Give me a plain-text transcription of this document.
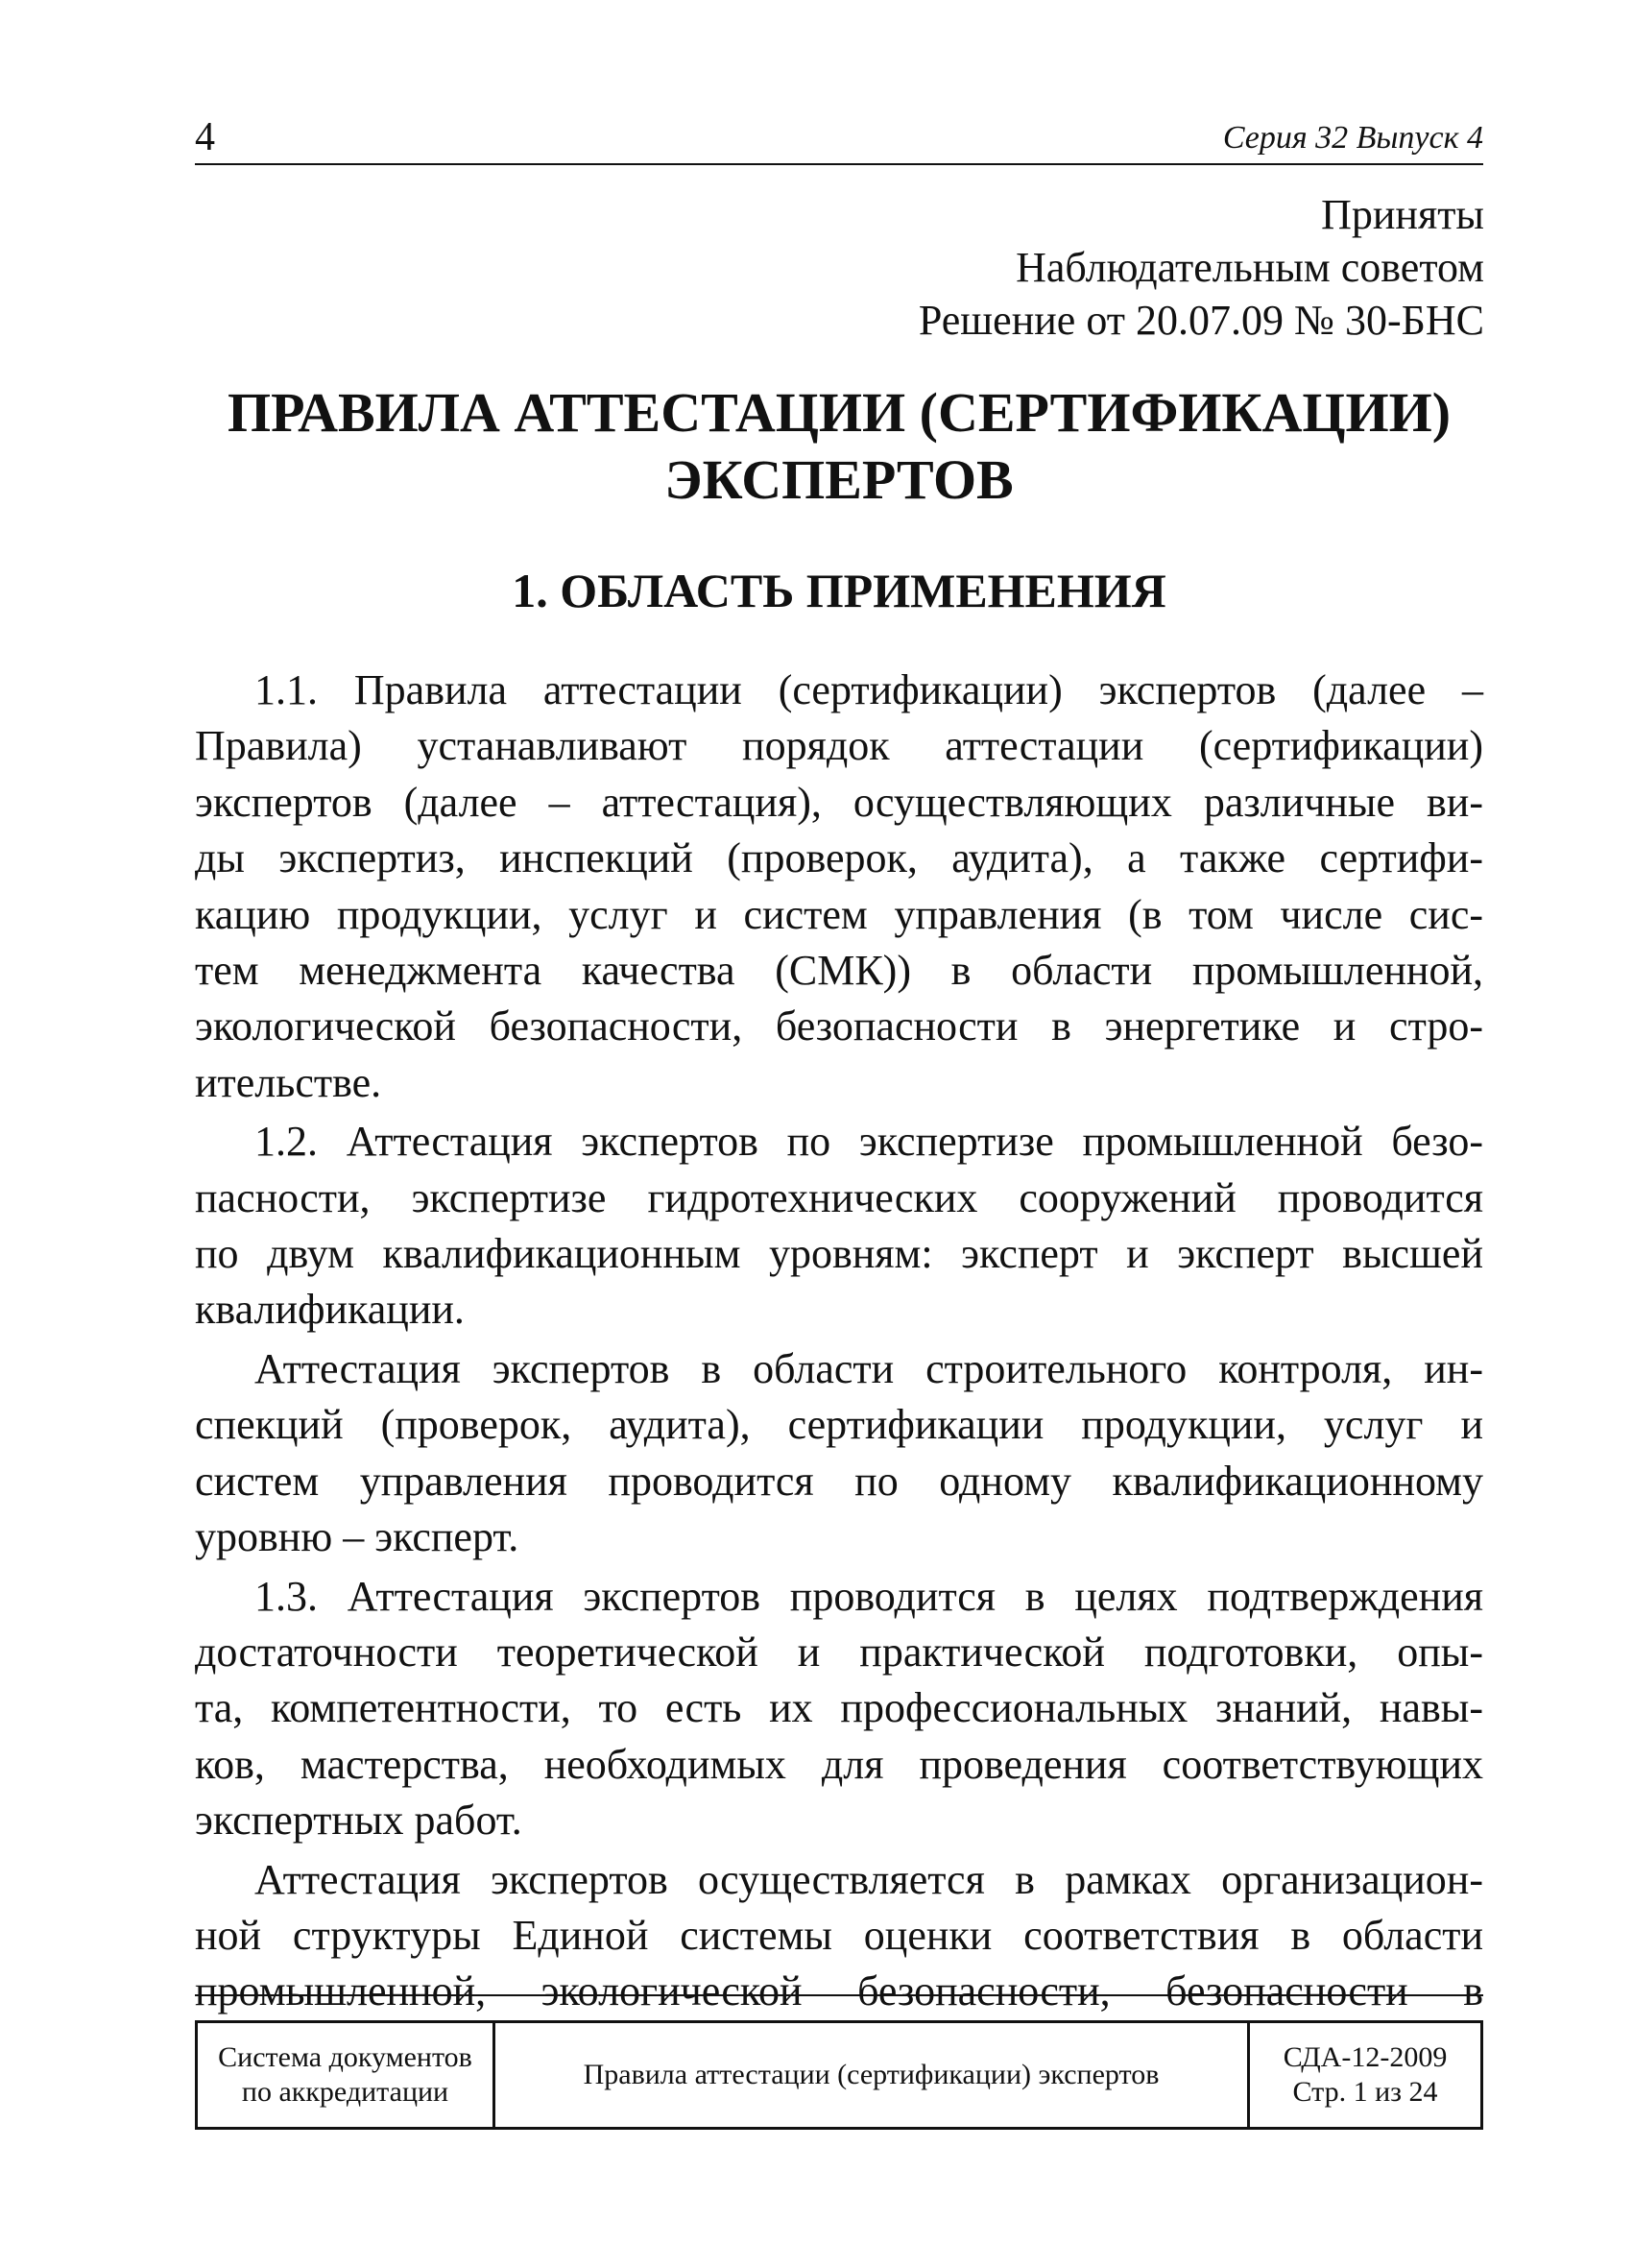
4	Серия 32 Выпуск 4
Приняты
Наблюдательным советом
Решение от 20.07.09 № 30-БНС
ПРАВИЛА АТТЕСТАЦИИ (СЕРТИФИКАЦИИ)
ЭКСПЕРТОВ
1. ОБЛАСТЬ ПРИМЕНЕНИЯ

1.1. Правила аттестации (сертификации) экспертов (далее –
Правила) устанавливают порядок аттестации (сертификации)
экспертов (далее – аттестация), осуществляющих различные ви-
ды экспертиз, инспекций (проверок, аудита), а также сертифи-
кацию продукции, услуг и систем управления (в том числе сис-
тем менеджмента качества (СМК)) в области промышленной,
экологической безопасности, безопасности в энергетике и стро-
ительстве.

1.2. Аттестация экспертов по экспертизе промышленной безо-
пасности, экспертизе гидротехнических сооружений проводится
по двум квалификационным уровням: эксперт и эксперт высшей
квалификации.

Аттестация экспертов в области строительного контроля, ин-
спекций (проверок, аудита), сертификации продукции, услуг и
систем управления проводится по одному квалификационному
уровню – эксперт.

1.3. Аттестация экспертов проводится в целях подтверждения
достаточности теоретической и практической подготовки, опы-
та, компетентности, то есть их профессиональных знаний, навы-
ков, мастерства, необходимых для проведения соответствующих
экспертных работ.

Аттестация экспертов осуществляется в рамках организацион-
ной структуры Единой системы оценки соответствия в области
промышленной, экологической безопасности, безопасности в

Система документов
по аккредитации
Правила аттестации (сертификации) экспертов
СДА-12-2009
Стр. 1 из 24
